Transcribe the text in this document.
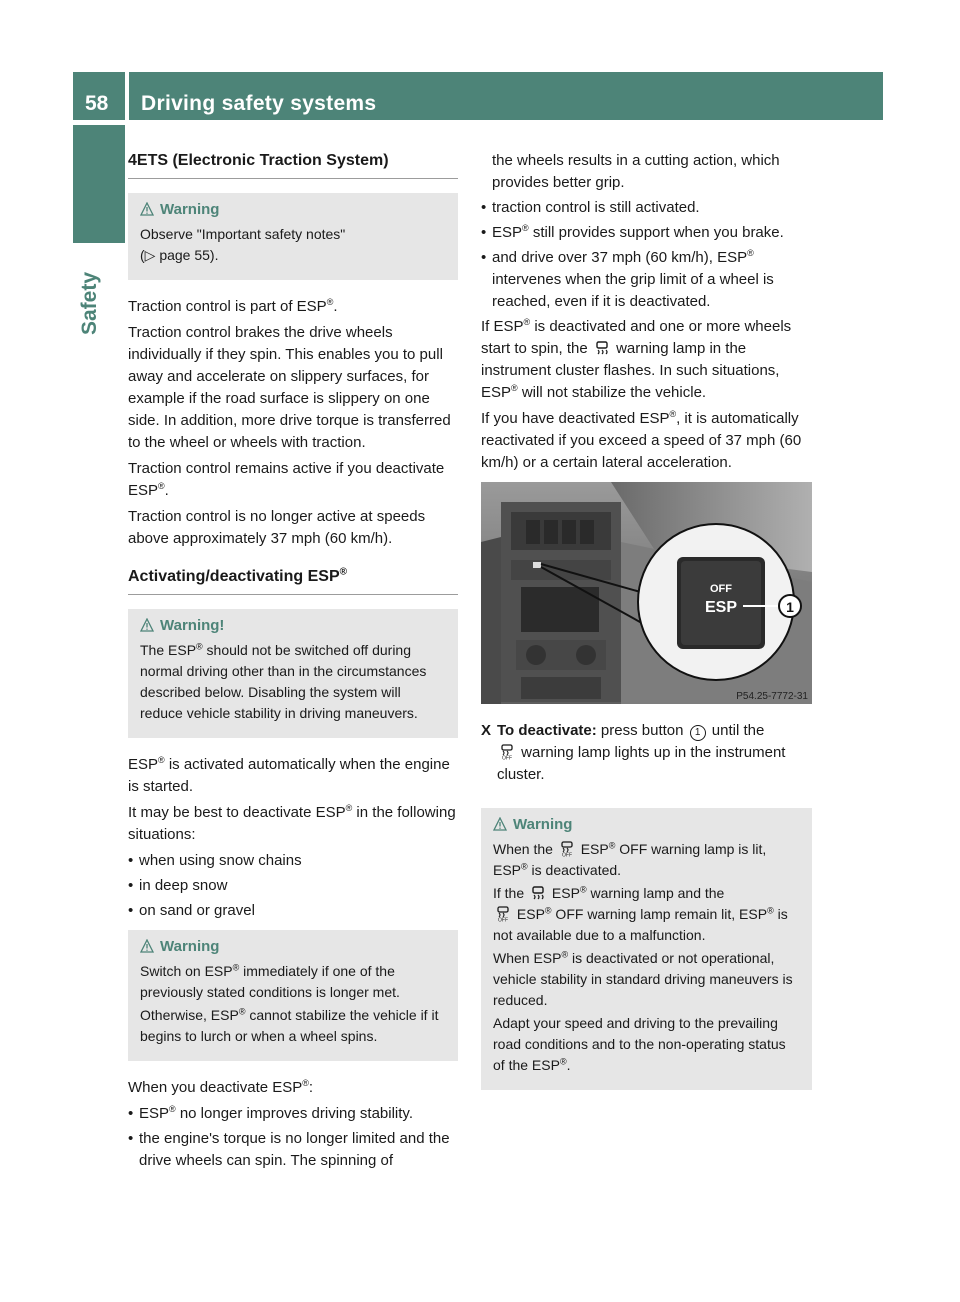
58	Driving safety systems
Safety
4ETS (Electronic Traction System)
Warning

Observe "Important safety notes"
(▷ page 55).

Traction control is part of ESP®.

Traction control brakes the drive wheels individually if they spin. This enables you to pull away and accelerate on slippery surfaces, for example if the road surface is slippery on one side. In addition, more drive torque is transferred to the wheel or wheels with traction.

Traction control remains active if you deactivate ESP®.

Traction control is no longer active at speeds above approximately 37 mph (60 km/h).

Activating/deactivating ESP®
Warning!

The ESP® should not be switched off during normal driving other than in the circumstances described below. Disabling the system will reduce vehicle stability in driving maneuvers.

ESP® is activated automatically when the engine is started.

It may be best to deactivate ESP® in the following situations:

• when using snow chains
• in deep snow
• on sand or gravel
Warning

Switch on ESP® immediately if one of the previously stated conditions is longer met.

Otherwise, ESP® cannot stabilize the vehicle if it begins to lurch or when a wheel spins.

When you deactivate ESP®:

• ESP® no longer improves driving stability.
• the engine's torque is no longer limited and the drive wheels can spin. The spinning of
the wheels results in a cutting action, which provides better grip.
• traction control is still activated.
• ESP® still provides support when you brake.
• and drive over 37 mph (60 km/h), ESP® intervenes when the grip limit of a wheel is reached, even if it is deactivated.

If ESP® is deactivated and one or more wheels start to spin, the  warning lamp in the instrument cluster flashes. In such situations, ESP® will not stabilize the vehicle.

If you have deactivated ESP®, it is automatically reactivated if you exceed a speed of 37 mph (60 km/h) or a certain lateral acceleration.

OFF
ESP	1
P54.25-7772-31
X To deactivate: press button 1 until the

OFF warning lamp lights up in the instrument cluster.
Warning

When the OFF ESP® OFF warning lamp is lit, ESP® is deactivated.

If the  ESP® warning lamp and the

OFF ESP® OFF warning lamp remain lit, ESP® is not available due to a malfunction.

When ESP® is deactivated or not operational, vehicle stability in standard driving maneuvers is reduced.

Adapt your speed and driving to the prevailing road conditions and to the non-operating status of the ESP®.
